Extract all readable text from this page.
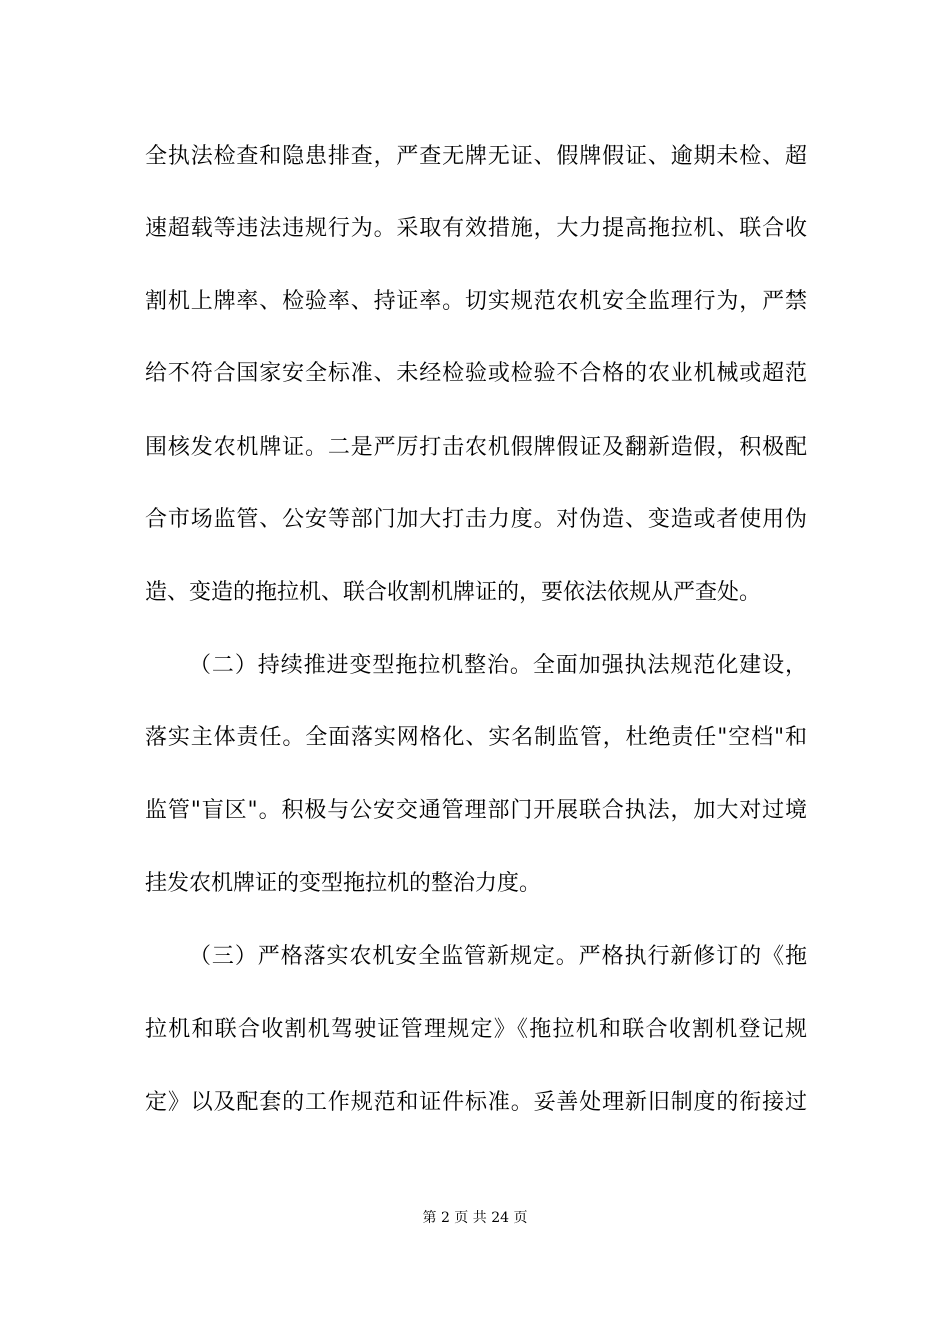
全执法检查和隐患排查，严查无牌无证、假牌假证、逾期未检、超
速超载等违法违规行为。采取有效措施，大力提高拖拉机、联合收
割机上牌率、检验率、持证率。切实规范农机安全监理行为，严禁
给不符合国家安全标准、未经检验或检验不合格的农业机械或超范
围核发农机牌证。二是严厉打击农机假牌假证及翻新造假，积极配
合市场监管、公安等部门加大打击力度。对伪造、变造或者使用伪
造、变造的拖拉机、联合收割机牌证的，要依法依规从严查处。
（二）持续推进变型拖拉机整治。全面加强执法规范化建设，
落实主体责任。全面落实网格化、实名制监管，杜绝责任"空档"和
监管"盲区"。积极与公安交通管理部门开展联合执法，加大对过境
挂发农机牌证的变型拖拉机的整治力度。
（三）严格落实农机安全监管新规定。严格执行新修订的《拖
拉机和联合收割机驾驶证管理规定》《拖拉机和联合收割机登记规
定》以及配套的工作规范和证件标准。妥善处理新旧制度的衔接过
第 2 页 共 24 页
